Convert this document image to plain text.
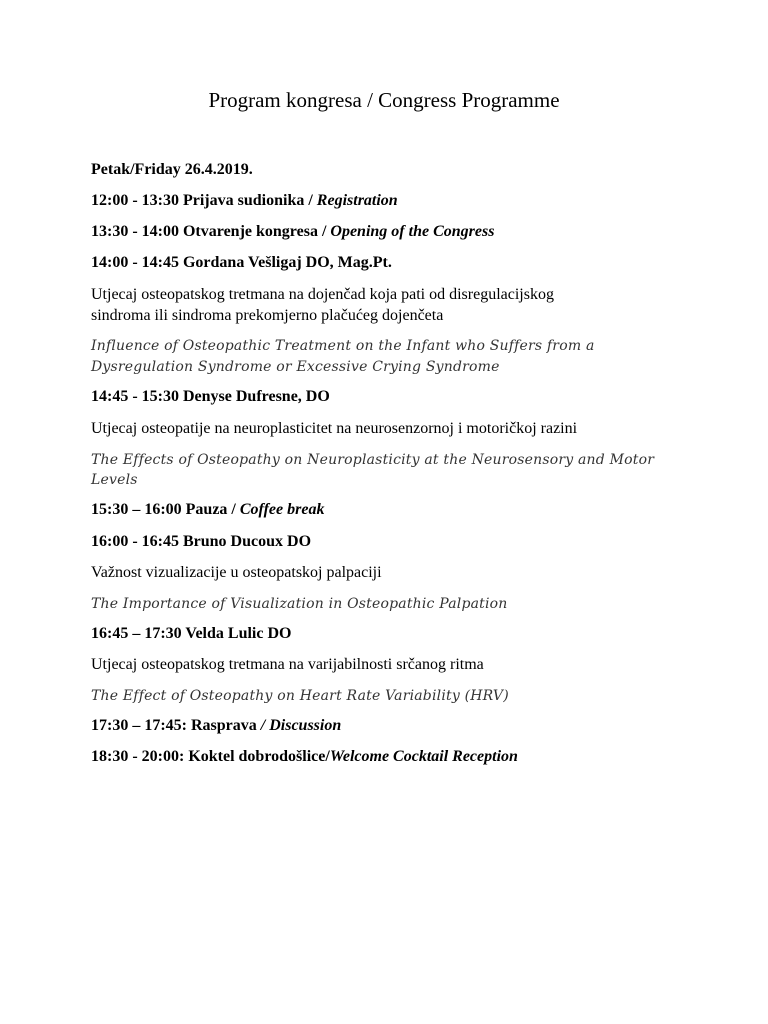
Program kongresa / Congress Programme
Petak/Friday 26.4.2019.
12:00 - 13:30 Prijava sudionika / Registration
13:30 - 14:00 Otvarenje kongresa / Opening of the Congress
14:00 - 14:45 Gordana Vešligaj DO, Mag.Pt.
Utjecaj osteopatskog tretmana na dojenčad koja pati od disregulacijskog
sindroma ili sindroma prekomjerno plačućeg dojenčeta
Influence of Osteopathic Treatment on the Infant who Suffers from a
Dysregulation Syndrome or Excessive Crying Syndrome
14:45 - 15:30 Denyse Dufresne, DO
Utjecaj osteopatije na neuroplasticitet na neurosenzornoj i motoričkoj razini
The Effects of Osteopathy on Neuroplasticity at the Neurosensory and Motor
Levels
15:30 – 16:00 Pauza / Coffee break
16:00 - 16:45 Bruno Ducoux DO
Važnost vizualizacije u osteopatskoj palpaciji
The Importance of Visualization in Osteopathic Palpation
16:45 – 17:30 Velda Lulic DO
Utjecaj osteopatskog tretmana na varijabilnosti srčanog ritma
The Effect of Osteopathy on Heart Rate Variability (HRV)
17:30 – 17:45: Rasprava / Discussion
18:30 - 20:00: Koktel dobrodošlice/Welcome Cocktail Reception
